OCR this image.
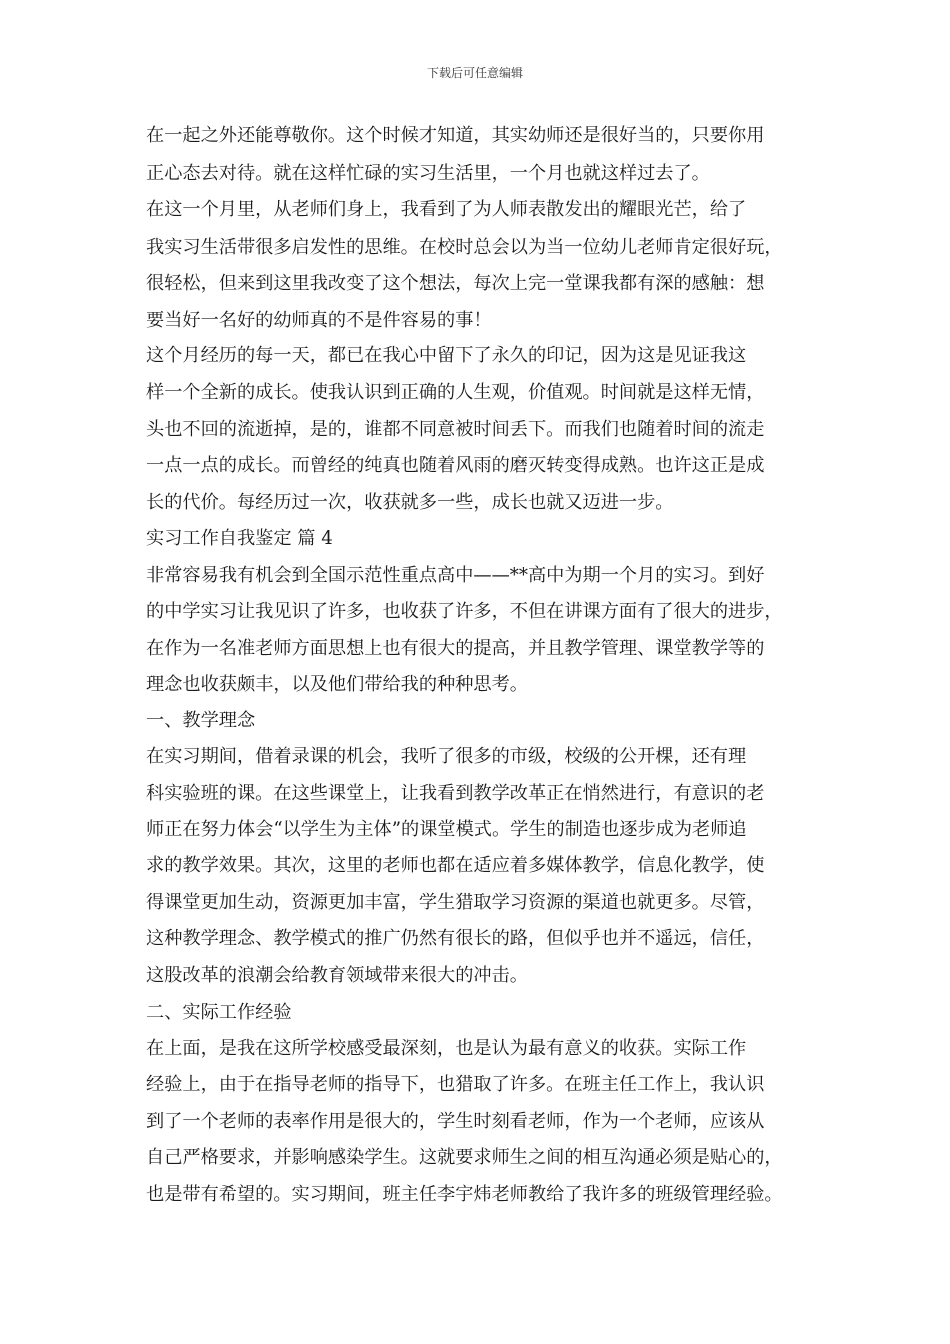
下载后可任意编辑
在一起之外还能尊敬你。这个时候才知道，其实幼师还是很好当的，只要你用
正心态去对待。就在这样忙碌的实习生活里，一个月也就这样过去了。
在这一个月里，从老师们身上，我看到了为人师表散发出的耀眼光芒，给了
我实习生活带很多启发性的思维。在校时总会以为当一位幼儿老师肯定很好玩，
很轻松，但来到这里我改变了这个想法，每次上完一堂课我都有深的感触：想
要当好一名好的幼师真的不是件容易的事！
这个月经历的每一天，都已在我心中留下了永久的印记，因为这是见证我这
样一个全新的成长。使我认识到正确的人生观，价值观。时间就是这样无情，
头也不回的流逝掉，是的，谁都不同意被时间丢下。而我们也随着时间的流走
一点一点的成长。而曾经的纯真也随着风雨的磨灭转变得成熟。也许这正是成
长的代价。每经历过一次，收获就多一些，成长也就又迈进一步。
实习工作自我鉴定 篇 4
非常容易我有机会到全国示范性重点高中——**高中为期一个月的实习。到好
的中学实习让我见识了许多，也收获了许多，不但在讲课方面有了很大的进步，
在作为一名准老师方面思想上也有很大的提高，并且教学管理、课堂教学等的
理念也收获颇丰，以及他们带给我的种种思考。
一、教学理念
在实习期间，借着录课的机会，我听了很多的市级，校级的公开棵，还有理
科实验班的课。在这些课堂上，让我看到教学改革正在悄然进行，有意识的老
师正在努力体会“以学生为主体”的课堂模式。学生的制造也逐步成为老师追
求的教学效果。其次，这里的老师也都在适应着多媒体教学，信息化教学，使
得课堂更加生动，资源更加丰富，学生猎取学习资源的渠道也就更多。尽管，
这种教学理念、教学模式的推广仍然有很长的路，但似乎也并不遥远，信任，
这股改革的浪潮会给教育领域带来很大的冲击。
二、实际工作经验
在上面，是我在这所学校感受最深刻，也是认为最有意义的收获。实际工作
经验上，由于在指导老师的指导下，也猎取了许多。在班主任工作上，我认识
到了一个老师的表率作用是很大的，学生时刻看老师，作为一个老师，应该从
自己严格要求，并影响感染学生。这就要求师生之间的相互沟通必须是贴心的，
也是带有希望的。实习期间，班主任李宇炜老师教给了我许多的班级管理经验。
